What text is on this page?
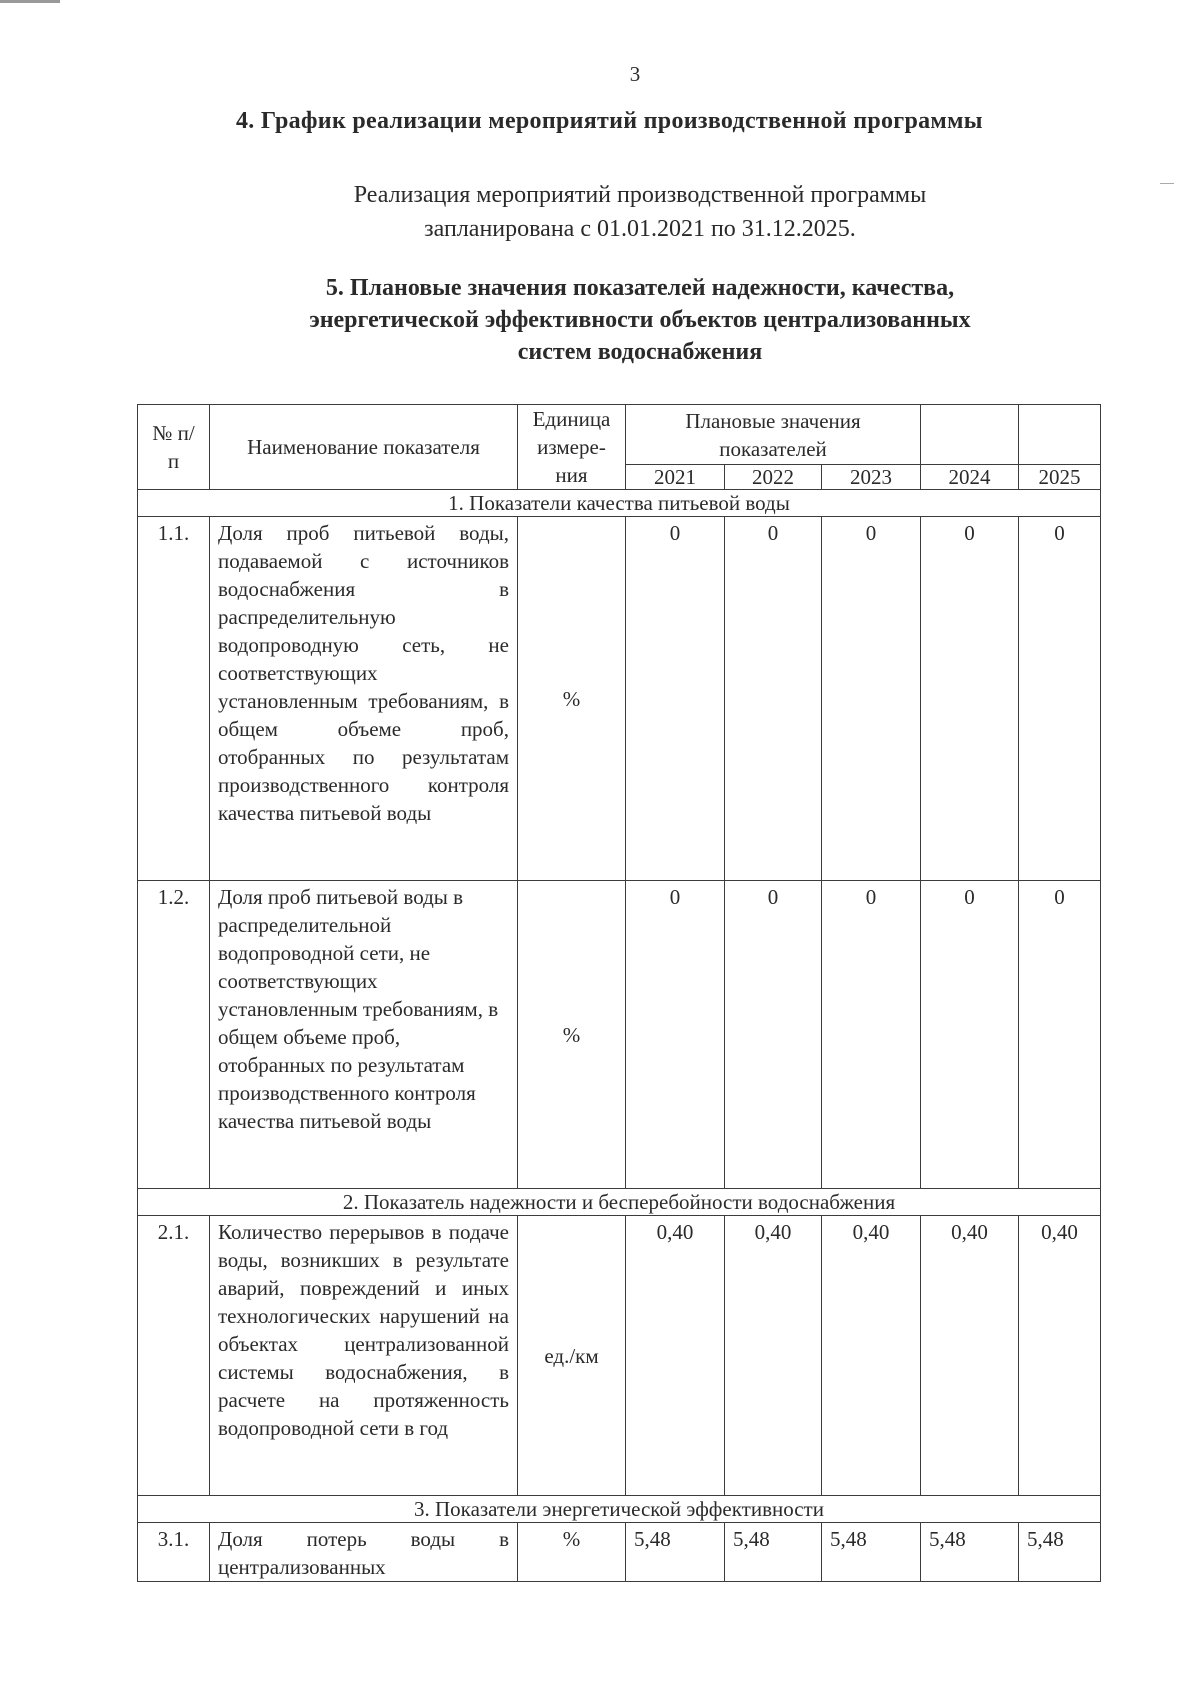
3
4. График реализации мероприятий производственной программы
Реализация мероприятий производственной программы
запланирована с 01.01.2021 по 31.12.2025.
5. Плановые значения показателей надежности, качества,
энергетической эффективности объектов централизованных
систем водоснабжения
№ п/п	Наименование показателя	Единица измере- ния	Плановые значения показателей				
			2021	2022	2023	2024	2025
1. Показатели качества питьевой воды							
1.1.	Доля проб питьевой воды, подаваемой с источников водоснабжения в распределительную водопроводную сеть, не соответствующих установленным требованиям, в общем объеме проб, отобранных по результатам производственного контроля качества питьевой воды	%	0	0	0	0	0
1.2.	Доля проб питьевой воды в распределительной водопроводной сети, не соответствующих установленным требованиям, в общем объеме проб, отобранных по результатам производственного контроля качества питьевой воды	%	0	0	0	0	0
2. Показатель надежности и бесперебойности водоснабжения							
2.1.	Количество перерывов в подаче воды, возникших в результате аварий, повреждений и иных технологических нарушений на объектах централизованной системы водоснабжения, в расчете на протяженность водопроводной сети в год	ед./км	0,40	0,40	0,40	0,40	0,40
3. Показатели энергетической эффективности							
3.1.	Доля потерь воды в централизованных	%	5,48	5,48	5,48	5,48	5,48
